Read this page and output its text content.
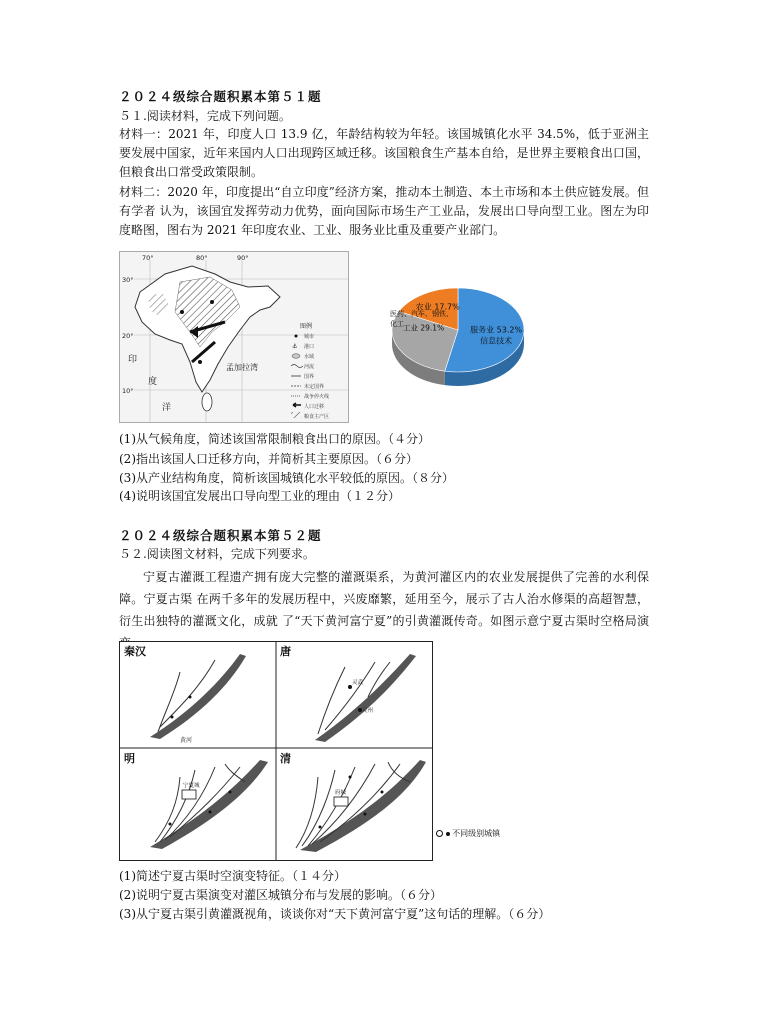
２０２４级综合题积累本第５１题
５１.阅读材料，完成下列问题。
材料一：2021 年，印度人口 13.9 亿，年龄结构较为年轻。该国城镇化水平 34.5%，低于亚洲主要发展中国家，近年来国内人口出现跨区域迁移。该国粮食生产基本自给，是世界主要粮食出口国，但粮食出口常受政策限制。
材料二：2020 年，印度提出“自立印度”经济方案，推动本土制造、本土市场和本土供应链发展。但有学者 认为，该国宜发挥劳动力优势，面向国际市场生产工业品，发展出口导向型工业。图左为印度略图，图右为 2021 年印度农业、工业、服务业比重及重要产业部门。
70°	80°	90°
30°
20°
10°
印
度
洋
孟加拉湾
图例
城市
⚓ 港口
水域
河流
国界
未定国界
战争停火线
人口迁移
粮食主产区
服务业 53.2%
信息技术
工业 29.1%
医药、汽车、钢铁、
化工
农业 17.7%
(1)从气候角度，简述该国常限制粮食出口的原因。（４分）
(2)指出该国人口迁移方向，并简析其主要原因。（６分）
(3)从产业结构角度，简析该国城镇化水平较低的原因。（８分）
(4)说明该国宜发展出口导向型工业的理由（１２分）
２０２４级综合题积累本第５２题
５２.阅读图文材料，完成下列要求。
宁夏古灌溉工程遗产拥有庞大完整的灌溉渠系，为黄河灌区内的农业发展提供了完善的水利保障。宁夏古渠 在两千多年的发展历程中，兴废靡繁，延用至今，展示了古人治水修渠的高超智慧，衍生出独特的灌溉文化，成就 了“天下黄河富宁夏”的引黄灌溉传奇。如图示意宁夏古渠时空格局演
秦汉
黄河
唐
灵武
灵州
明
宁夏城
清
府城
不同级别城镇
(1)简述宁夏古渠时空演变特征。（１４分）
(2)说明宁夏古渠演变对灌区城镇分布与发展的影响。（６分）
(3)从宁夏古渠引黄灌溉视角，谈谈你对“天下黄河富宁夏”这句话的理解。（６分）
